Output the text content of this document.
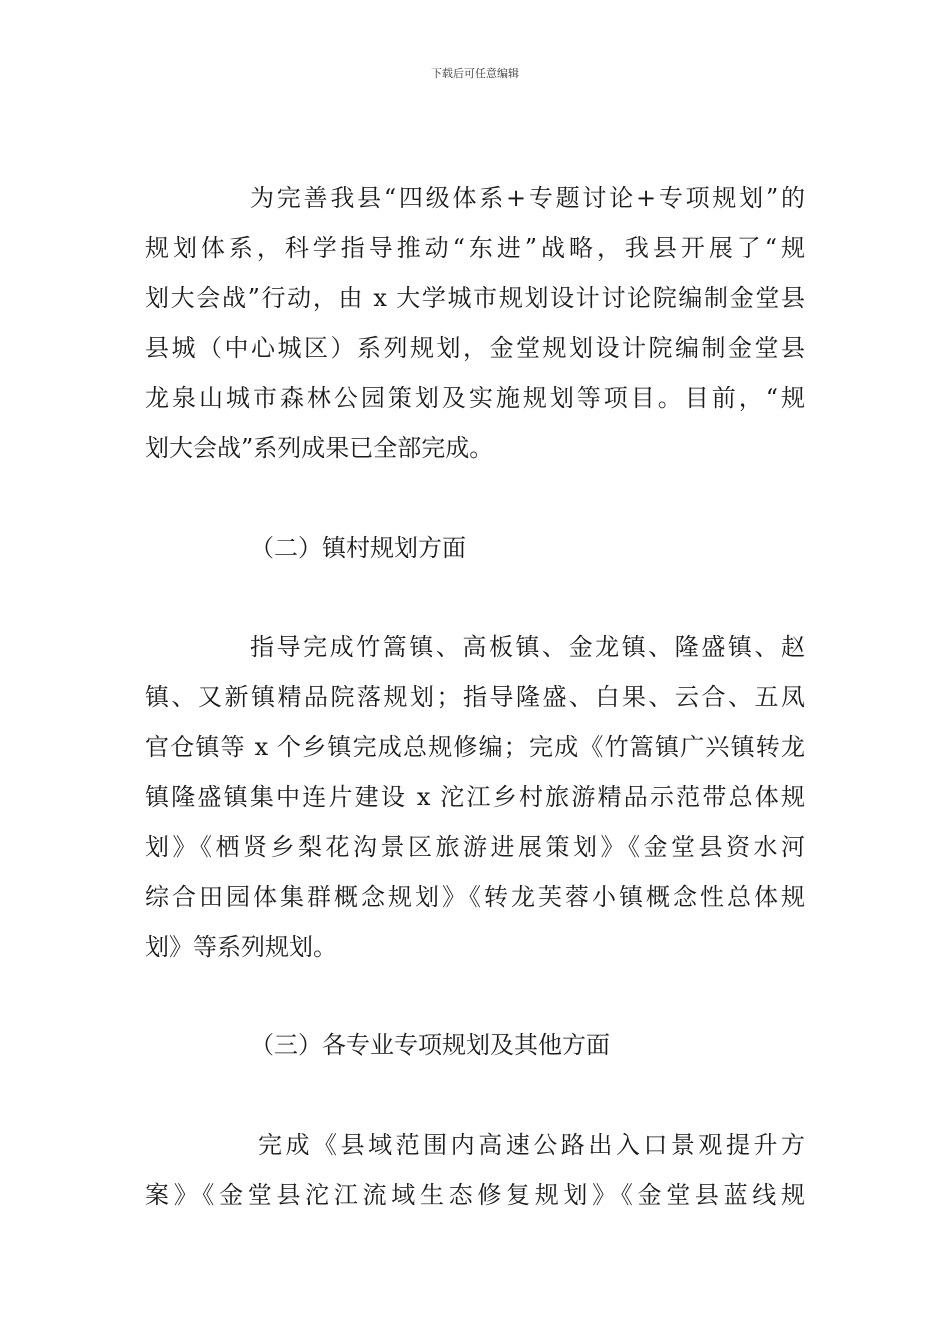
下载后可任意编辑
为完善我县“四级体系+专题讨论+专项规划”的
规划体系，科学指导推动“东进”战略，我县开展了“规
划大会战”行动，由 x 大学城市规划设计讨论院编制金堂县
县城（中心城区）系列规划，金堂规划设计院编制金堂县
龙泉山城市森林公园策划及实施规划等项目。目前，“规
划大会战”系列成果已全部完成。
（二）镇村规划方面
指导完成竹篙镇、高板镇、金龙镇、隆盛镇、赵
镇、又新镇精品院落规划；指导隆盛、白果、云合、五凤
官仓镇等 x 个乡镇完成总规修编；完成《竹篙镇广兴镇转龙
镇隆盛镇集中连片建设 x 沱江乡村旅游精品示范带总体规
划》《栖贤乡梨花沟景区旅游进展策划》《金堂县资水河
综合田园体集群概念规划》《转龙芙蓉小镇概念性总体规
划》等系列规划。
（三）各专业专项规划及其他方面
完成《县域范围内高速公路出入口景观提升方
案》《金堂县沱江流域生态修复规划》《金堂县蓝线规
